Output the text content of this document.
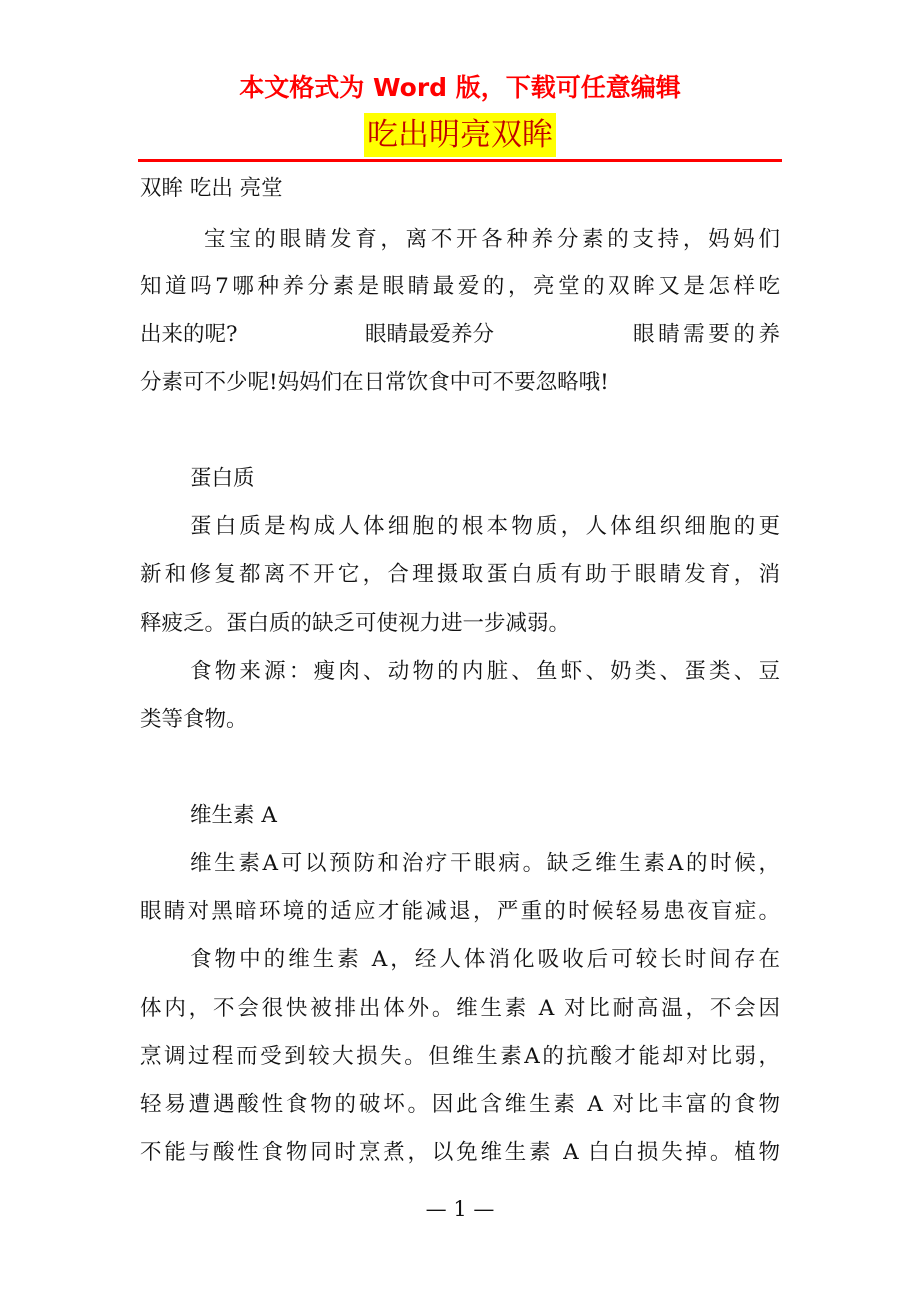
本文格式为 Word 版，下载可任意编辑
吃出明亮双眸
双眸 吃出 亮堂
宝宝的眼睛发育，离不开各种养分素的支持，妈妈们
知道吗7哪种养分素是眼睛最爱的，亮堂的双眸又是怎样吃
出来的呢?	眼睛最爱养分	眼睛需要的养
分素可不少呢!妈妈们在日常饮食中可不要忽略哦!
蛋白质
蛋白质是构成人体细胞的根本物质，人体组织细胞的更
新和修复都离不开它，合理摄取蛋白质有助于眼睛发育，消
释疲乏。蛋白质的缺乏可使视力进一步减弱。
食物来源：瘦肉、动物的内脏、鱼虾、奶类、蛋类、豆
类等食物。
维生素 A
维生素A可以预防和治疗干眼病。缺乏维生素A的时候，
眼睛对黑暗环境的适应才能减退，严重的时候轻易患夜盲症。
食物中的维生素 A，经人体消化吸收后可较长时间存在
体内，不会很快被排出体外。维生素 A 对比耐高温，不会因
烹调过程而受到较大损失。但维生素A的抗酸才能却对比弱，
轻易遭遇酸性食物的破坏。因此含维生素 A 对比丰富的食物
不能与酸性食物同时烹煮，以免维生素 A 白白损失掉。植物
— 1 —
